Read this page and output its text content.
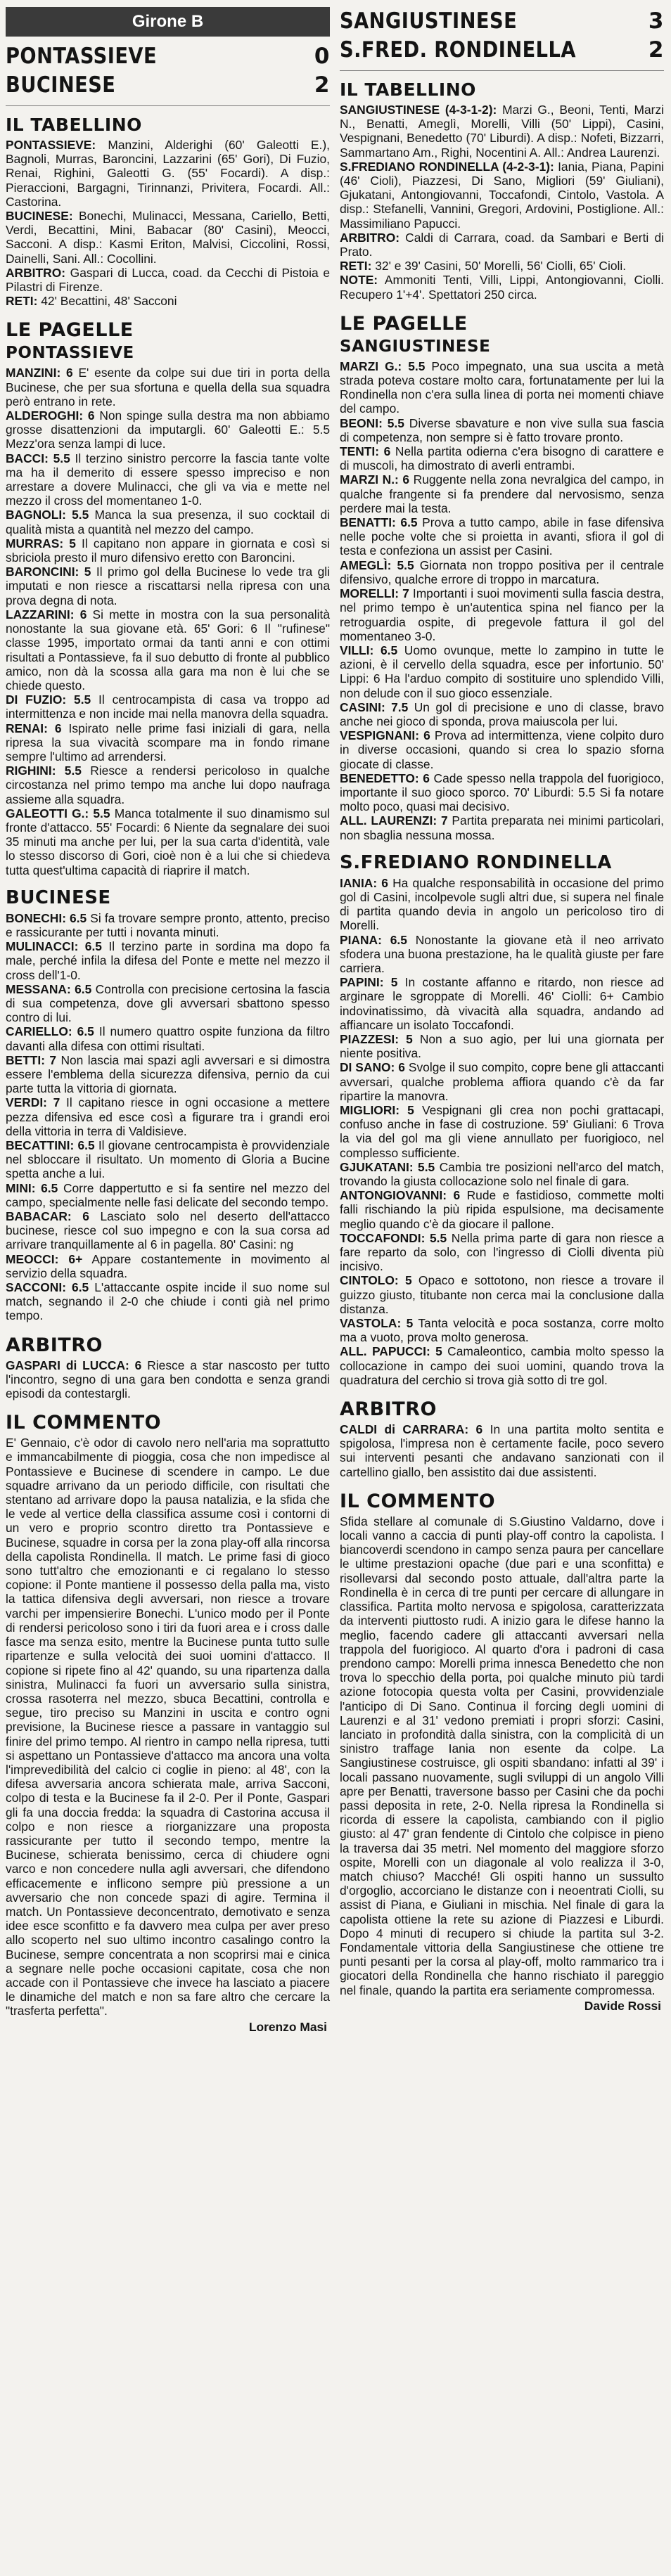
Girone B
PONTASSIEVE	0
BUCINESE	2
IL TABELLINO

PONTASSIEVE: Manzini, Alderighi (60' Galeotti E.), Bagnoli, Murras, Baroncini, Lazzarini (65' Gori), Di Fuzio, Renai, Righini, Galeotti G. (55' Focardi). A disp.: Pieraccioni, Bargagni, Tirinnanzi, Privitera, Focardi. All.: Castorina.

BUCINESE: Bonechi, Mulinacci, Messana, Cariello, Betti, Verdi, Becattini, Mini, Babacar (80' Casini), Meocci, Sacconi. A disp.: Kasmi Eriton, Malvisi, Ciccolini, Rossi, Dainelli, Sani. All.: Cocollini.

ARBITRO: Gaspari di Lucca, coad. da Cecchi di Pistoia e Pilastri di Firenze.

RETI: 42' Becattini, 48' Sacconi

LE PAGELLE
PONTASSIEVE

MANZINI: 6 E' esente da colpe sui due tiri in porta della Bucinese, che per sua sfortuna e quella della sua squadra però entrano in rete.

ALDEROGHI: 6 Non spinge sulla destra ma non abbiamo grosse disattenzioni da imputargli. 60' Galeotti E.: 5.5 Mezz'ora senza lampi di luce.

BACCI: 5.5 Il terzino sinistro percorre la fascia tante volte ma ha il demerito di essere spesso impreciso e non arrestare a dovere Mulinacci, che gli va via e mette nel mezzo il cross del momentaneo 1-0.

BAGNOLI: 5.5 Manca la sua presenza, il suo cocktail di qualità mista a quantità nel mezzo del campo.

MURRAS: 5 Il capitano non appare in giornata e così si sbriciola presto il muro difensivo eretto con Baroncini.

BARONCINI: 5 Il primo gol della Bucinese lo vede tra gli imputati e non riesce a riscattarsi nella ripresa con una prova degna di nota.

LAZZARINI: 6 Si mette in mostra con la sua personalità nonostante la sua giovane età. 65' Gori: 6 Il "rufinese" classe 1995, importato ormai da tanti anni e con ottimi risultati a Pontassieve, fa il suo debutto di fronte al pubblico amico, non dà la scossa alla gara ma non è lui che se chiede questo.

DI FUZIO: 5.5 Il centrocampista di casa va troppo ad intermittenza e non incide mai nella manovra della squadra.

RENAI: 6 Ispirato nelle prime fasi iniziali di gara, nella ripresa la sua vivacità scompare ma in fondo rimane sempre l'ultimo ad arrendersi.

RIGHINI: 5.5 Riesce a rendersi pericoloso in qualche circostanza nel primo tempo ma anche lui dopo naufraga assieme alla squadra.

GALEOTTI G.: 5.5 Manca totalmente il suo dinamismo sul fronte d'attacco. 55' Focardi: 6 Niente da segnalare dei suoi 35 minuti ma anche per lui, per la sua carta d'identità, vale lo stesso discorso di Gori, cioè non è a lui che si chiedeva tutta quest'ultima capacità di riaprire il match.

BUCINESE

BONECHI: 6.5 Si fa trovare sempre pronto, attento, preciso e rassicurante per tutti i novanta minuti.

MULINACCI: 6.5 Il terzino parte in sordina ma dopo fa male, perché infila la difesa del Ponte e mette nel mezzo il cross dell'1-0.

MESSANA: 6.5 Controlla con precisione certosina la fascia di sua competenza, dove gli avversari sbattono spesso contro di lui.

CARIELLO: 6.5 Il numero quattro ospite funziona da filtro davanti alla difesa con ottimi risultati.

BETTI: 7 Non lascia mai spazi agli avversari e si dimostra essere l'emblema della sicurezza difensiva, pernio da cui parte tutta la vittoria di giornata.

VERDI: 7 Il capitano riesce in ogni occasione a mettere pezza difensiva ed esce così a figurare tra i grandi eroi della vittoria in terra di Valdisieve.

BECATTINI: 6.5 Il giovane centrocampista è provvidenziale nel sbloccare il risultato. Un momento di Gloria a Bucine spetta anche a lui.

MINI: 6.5 Corre dappertutto e si fa sentire nel mezzo del campo, specialmente nelle fasi delicate del secondo tempo.

BABACAR: 6 Lasciato solo nel deserto dell'attacco bucinese, riesce col suo impegno e con la sua corsa ad arrivare tranquillamente al 6 in pagella. 80' Casini: ng

MEOCCI: 6+ Appare costantemente in movimento al servizio della squadra.

SACCONI: 6.5 L'attaccante ospite incide il suo nome sul match, segnando il 2-0 che chiude i conti già nel primo tempo.

ARBITRO

GASPARI di LUCCA: 6 Riesce a star nascosto per tutto l'incontro, segno di una gara ben condotta e senza grandi episodi da contestargli.

IL COMMENTO

E' Gennaio, c'è odor di cavolo nero nell'aria ma soprattutto e immancabilmente di pioggia, cosa che non impedisce al Pontassieve e Bucinese di scendere in campo. Le due squadre arrivano da un periodo difficile, con risultati che stentano ad arrivare dopo la pausa natalizia, e la sfida che le vede al vertice della classifica assume così i contorni di un vero e proprio scontro diretto tra Pontassieve e Bucinese, squadre in corsa per la zona play-off alla rincorsa della capolista Rondinella. Il match. Le prime fasi di gioco sono tutt'altro che emozionanti e ci regalano lo stesso copione: il Ponte mantiene il possesso della palla ma, visto la tattica difensiva degli avversari, non riesce a trovare varchi per impensierire Bonechi. L'unico modo per il Ponte di rendersi pericoloso sono i tiri da fuori area e i cross dalle fasce ma senza esito, mentre la Bucinese punta tutto sulle ripartenze e sulla velocità dei suoi uomini d'attacco. Il copione si ripete fino al 42' quando, su una ripartenza dalla sinistra, Mulinacci fa fuori un avversario sulla sinistra, crossa rasoterra nel mezzo, sbuca Becattini, controlla e segue, tiro preciso su Manzini in uscita e contro ogni previsione, la Bucinese riesce a passare in vantaggio sul finire del primo tempo. Al rientro in campo nella ripresa, tutti si aspettano un Pontassieve d'attacco ma ancora una volta l'imprevedibilità del calcio ci coglie in pieno: al 48', con la difesa avversaria ancora schierata male, arriva Sacconi, colpo di testa e la Bucinese fa il 2-0. Per il Ponte, Gaspari gli fa una doccia fredda: la squadra di Castorina accusa il colpo e non riesce a riorganizzare una proposta rassicurante per tutto il secondo tempo, mentre la Bucinese, schierata benissimo, cerca di chiudere ogni varco e non concedere nulla agli avversari, che difendono efficacemente e inflicono sempre più pressione a un avversario che non concede spazi di agire. Termina il match. Un Pontassieve deconcentrato, demotivato e senza idee esce sconfitto e fa davvero mea culpa per aver preso allo scoperto nel suo ultimo incontro casalingo contro la Bucinese, sempre concentrata a non scoprirsi mai e cinica a segnare nelle poche occasioni capitate, cosa che non accade con il Pontassieve che invece ha lasciato a piacere le dinamiche del match e non sa fare altro che cercare la "trasferta perfetta".

Lorenzo Masi
SANGIUSTINESE	3
S.FRED. RONDINELLA	2
IL TABELLINO

SANGIUSTINESE (4-3-1-2): Marzi G., Beoni, Tenti, Marzi N., Benatti, Ameglì, Morelli, Villi (50' Lippi), Casini, Vespignani, Benedetto (70' Liburdi). A disp.: Nofeti, Bizzarri, Sammartano Am., Righi, Nocentini A. All.: Andrea Laurenzi.

S.FREDIANO RONDINELLA (4-2-3-1): Iania, Piana, Papini (46' Cioli), Piazzesi, Di Sano, Migliori (59' Giuliani), Gjukatani, Antongiovanni, Toccafondi, Cintolo, Vastola. A disp.: Stefanelli, Vannini, Gregori, Ardovini, Postiglione. All.: Massimiliano Papucci.

ARBITRO: Caldi di Carrara, coad. da Sambari e Berti di Prato.

RETI: 32' e 39' Casini, 50' Morelli, 56' Ciolli, 65' Cioli.

NOTE: Ammoniti Tenti, Villi, Lippi, Antongiovanni, Ciolli. Recupero 1'+4'. Spettatori 250 circa.

LE PAGELLE
SANGIUSTINESE

MARZI G.: 5.5 Poco impegnato, una sua uscita a metà strada poteva costare molto cara, fortunatamente per lui la Rondinella non c'era sulla linea di porta nei momenti chiave del campo.

BEONI: 5.5 Diverse sbavature e non vive sulla sua fascia di competenza, non sempre si è fatto trovare pronto.

TENTI: 6 Nella partita odierna c'era bisogno di carattere e di muscoli, ha dimostrato di averli entrambi.

MARZI N.: 6 Ruggente nella zona nevralgica del campo, in qualche frangente si fa prendere dal nervosismo, senza perdere mai la testa.

BENATTI: 6.5 Prova a tutto campo, abile in fase difensiva nelle poche volte che si proietta in avanti, sfiora il gol di testa e confeziona un assist per Casini.

AMEGLÌ: 5.5 Giornata non troppo positiva per il centrale difensivo, qualche errore di troppo in marcatura.

MORELLI: 7 Importanti i suoi movimenti sulla fascia destra, nel primo tempo è un'autentica spina nel fianco per la retroguardia ospite, di pregevole fattura il gol del momentaneo 3-0.

VILLI: 6.5 Uomo ovunque, mette lo zampino in tutte le azioni, è il cervello della squadra, esce per infortunio. 50' Lippi: 6 Ha l'arduo compito di sostituire uno splendido Villi, non delude con il suo gioco essenziale.

CASINI: 7.5 Un gol di precisione e uno di classe, bravo anche nei gioco di sponda, prova maiuscola per lui.

VESPIGNANI: 6 Prova ad intermittenza, viene colpito duro in diverse occasioni, quando si crea lo spazio sforna giocate di classe.

BENEDETTO: 6 Cade spesso nella trappola del fuorigioco, importante il suo gioco sporco. 70' Liburdi: 5.5 Si fa notare molto poco, quasi mai decisivo.

ALL. LAURENZI: 7 Partita preparata nei minimi particolari, non sbaglia nessuna mossa.

S.FREDIANO RONDINELLA

IANIA: 6 Ha qualche responsabilità in occasione del primo gol di Casini, incolpevole sugli altri due, si supera nel finale di partita quando devia in angolo un pericoloso tiro di Morelli.

PIANA: 6.5 Nonostante la giovane età il neo arrivato sfodera una buona prestazione, ha le qualità giuste per fare carriera.

PAPINI: 5 In costante affanno e ritardo, non riesce ad arginare le sgroppate di Morelli. 46' Ciolli: 6+ Cambio indovinatissimo, dà vivacità alla squadra, andando ad affiancare un isolato Toccafondi.

PIAZZESI: 5 Non a suo agio, per lui una giornata per niente positiva.

DI SANO: 6 Svolge il suo compito, copre bene gli attaccanti avversari, qualche problema affiora quando c'è da far ripartire la manovra.

MIGLIORI: 5 Vespignani gli crea non pochi grattacapi, confuso anche in fase di costruzione. 59' Giuliani: 6 Trova la via del gol ma gli viene annullato per fuorigioco, nel complesso sufficiente.

GJUKATANI: 5.5 Cambia tre posizioni nell'arco del match, trovando la giusta collocazione solo nel finale di gara.

ANTONGIOVANNI: 6 Rude e fastidioso, commette molti falli rischiando la più ripida espulsione, ma decisamente meglio quando c'è da giocare il pallone.

TOCCAFONDI: 5.5 Nella prima parte di gara non riesce a fare reparto da solo, con l'ingresso di Ciolli diventa più incisivo.

CINTOLO: 5 Opaco e sottotono, non riesce a trovare il guizzo giusto, titubante non cerca mai la conclusione dalla distanza.

VASTOLA: 5 Tanta velocità e poca sostanza, corre molto ma a vuoto, prova molto generosa.

ALL. PAPUCCI: 5 Camaleontico, cambia molto spesso la collocazione in campo dei suoi uomini, quando trova la quadratura del cerchio si trova già sotto di tre gol.

ARBITRO

CALDI di CARRARA: 6 In una partita molto sentita e spigolosa, l'impresa non è certamente facile, poco severo sui interventi pesanti che andavano sanzionati con il cartellino giallo, ben assistito dai due assistenti.

IL COMMENTO

Sfida stellare al comunale di S.Giustino Valdarno, dove i locali vanno a caccia di punti play-off contro la capolista. I biancoverdi scendono in campo senza paura per cancellare le ultime prestazioni opache (due pari e una sconfitta) e risollevarsi dal secondo posto attuale, dall'altra parte la Rondinella è in cerca di tre punti per cercare di allungare in classifica. Partita molto nervosa e spigolosa, caratterizzata da interventi piuttosto rudi. A inizio gara le difese hanno la meglio, facendo cadere gli attaccanti avversari nella trappola del fuorigioco. Al quarto d'ora i padroni di casa prendono campo: Morelli prima innesca Benedetto che non trova lo specchio della porta, poi qualche minuto più tardi azione fotocopia questa volta per Casini, provvidenziale l'anticipo di Di Sano. Continua il forcing degli uomini di Laurenzi e al 31' vedono premiati i propri sforzi: Casini, lanciato in profondità dalla sinistra, con la complicità di un sinistro traffage Iania non esente da colpe. La Sangiustinese costruisce, gli ospiti sbandano: infatti al 39' i locali passano nuovamente, sugli sviluppi di un angolo Villi apre per Benatti, traversone basso per Casini che da pochi passi deposita in rete, 2-0. Nella ripresa la Rondinella si ricorda di essere la capolista, cambiando con il piglio giusto: al 47' gran fendente di Cintolo che colpisce in pieno la traversa dai 35 metri. Nel momento del maggiore sforzo ospite, Morelli con un diagonale al volo realizza il 3-0, match chiuso? Macché! Gli ospiti hanno un sussulto d'orgoglio, accorciano le distanze con i neoentrati Ciolli, su assist di Piana, e Giuliani in mischia. Nel finale di gara la capolista ottiene la rete su azione di Piazzesi e Liburdi. Dopo 4 minuti di recupero si chiude la partita sul 3-2. Fondamentale vittoria della Sangiustinese che ottiene tre punti pesanti per la corsa al play-off, molto rammarico tra i giocatori della Rondinella che hanno rischiato il pareggio nel finale, quando la partita era seriamente compromessa.

Davide Rossi
